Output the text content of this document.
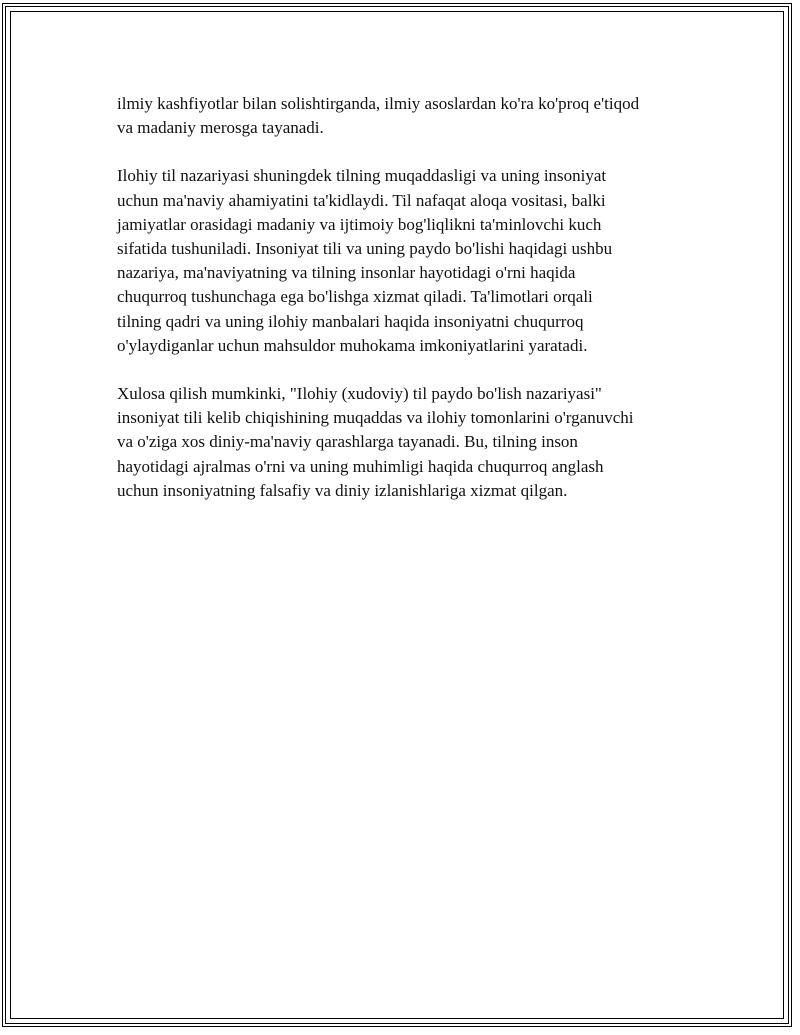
ilmiy kashfiyotlar bilan solishtirganda, ilmiy asoslardan ko'ra ko'proq e'tiqod
va madaniy merosga tayanadi.

Ilohiy til nazariyasi shuningdek tilning muqaddasligi va uning insoniyat
uchun ma'naviy ahamiyatini ta'kidlaydi. Til nafaqat aloqa vositasi, balki
jamiyatlar orasidagi madaniy va ijtimoiy bog'liqlikni ta'minlovchi kuch
sifatida tushuniladi. Insoniyat tili va uning paydo bo'lishi haqidagi ushbu
nazariya, ma'naviyatning va tilning insonlar hayotidagi o'rni haqida
chuqurroq tushunchaga ega bo'lishga xizmat qiladi. Ta'limotlari orqali
tilning qadri va uning ilohiy manbalari haqida insoniyatni chuqurroq
o'ylaydiganlar uchun mahsuldor muhokama imkoniyatlarini yaratadi.

Xulosa qilish mumkinki, "Ilohiy (xudoviy) til paydo bo'lish nazariyasi"
insoniyat tili kelib chiqishining muqaddas va ilohiy tomonlarini o'rganuvchi
va o'ziga xos diniy-ma'naviy qarashlarga tayanadi. Bu, tilning inson
hayotidagi ajralmas o'rni va uning muhimligi haqida chuqurroq anglash
uchun insoniyatning falsafiy va diniy izlanishlariga xizmat qilgan.
